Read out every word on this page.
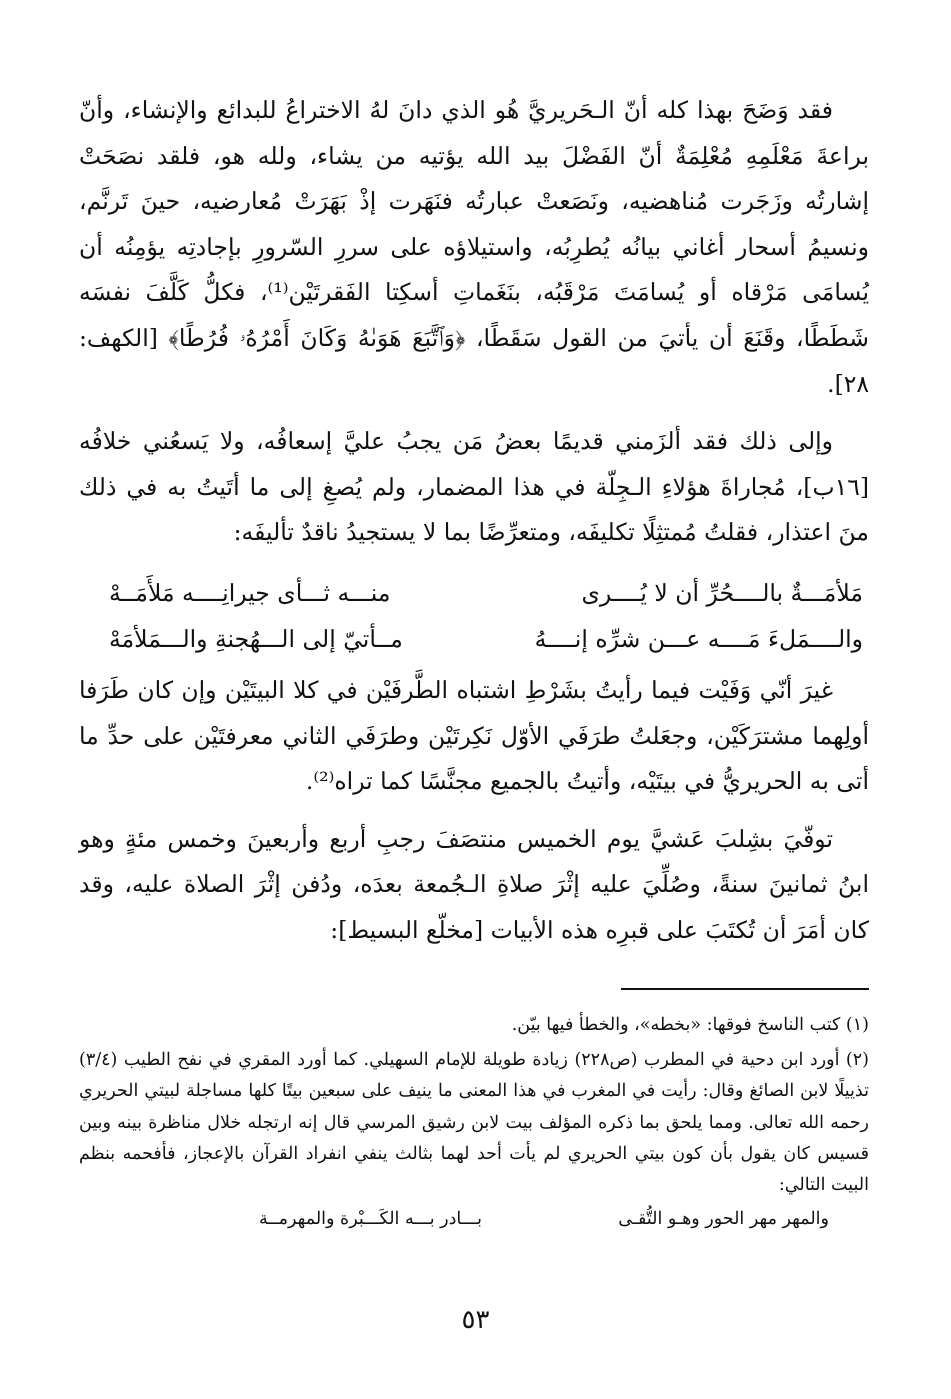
فقد وَضَحَ بهذا كله أنّ الـحَريريَّ هُو الذي دانَ لهُ الاختراعُ للبدائع والإنشاء، وأنّ براعةَ مَعْلَمِهِ مُعْلِمَةٌ أنّ الفَضْلَ بيد الله يؤتيه من يشاء، ولله هو، فلقد نصَحَتْ إشارتُه وزَجَرت مُناهضيه، ونَصَعتْ عبارتُه فنَهَرت إذْ بَهَرَتْ مُعارضيه، حينَ تَرنَّم، ونسيمُ أسحار أغاني بيانُه يُطرِبُه، واستيلاؤه على سررِ السّرورِ بإجادتِه يؤمِنُه أن يُسامَى مَرْقاه أو يُسامَتَ مَرْقَبُه، بنَغَماتِ أسكِتا الفَقرتَيْن⁽¹⁾، فكلُّ كَلَّفَ نفسَه شَطَطًا، وقَنَعَ أن يأتيَ من القول سَقَطًا، ﴿وَٱتَّبَعَ هَوَىٰهُ وَكَانَ أَمْرُهُۥ فُرُطًا﴾ [الكهف: ٢٨].

وإلى ذلك فقد ألزَمني قديمًا بعضُ مَن يجبُ عليَّ إسعافُه، ولا يَسعُني خلافُه [١٦ب]، مُجاراةَ هؤلاءِ الـجِلّة في هذا المضمار، ولم يُصغِ إلى ما أتَيتُ به في ذلك منَ اعتذار، فقلتُ مُمتثِلًا تكليفَه، ومتعرِّضًا بما لا يستجيدُ ناقدٌ تأليفَه:

مَلأمَـــةٌ بالــــحُرِّ أن لا يُــــرى
منـــه ثـــأى جيرانِــــه مَلأَمَــهْ
والــــمَلءَ مَــــه عـــن شرِّه إنــــهُ
مــأتيّ إلى الـــهُجنةِ والـــمَلأمَهْ

غيرَ أنّي وَفَيْت فيما رأيتُ بشَرْطِ اشتباه الطَّرفَيْن في كلا البيتَيْن وإن كان طَرَفا أولِهما مشترَكَيْن، وجعَلتُ طرَفَي الأوّل نَكِرتَيْن وطرَفَي الثاني معرفتَيْن على حدِّ ما أتى به الحريريُّ في بيتَيْه، وأتيتُ بالجميع مجنَّسًا كما تراه⁽²⁾.

توفّيَ بشِلبَ عَشيَّ يوم الخميس منتصَفَ رجبِ أربع وأربعينَ وخمس مئةٍ وهو ابنُ ثمانينَ سنةً، وصُلِّيَ عليه إثْرَ صلاةِ الـجُمعة بعدَه، ودُفن إثْرَ الصلاة عليه، وقد كان أمَرَ أن تُكتَبَ على قبرِه هذه الأبيات [مخلّع البسيط]:

(١) كتب الناسخ فوقها: «بخطه»، والخطأ فيها بيّن.

(٢) أورد ابن دحية في المطرب (ص٢٢٨) زيادة طويلة للإمام السهيلي. كما أورد المقري في نفح الطيب (٣/٤) تذييلًا لابن الصائغ وقال: رأيت في المغرب في هذا المعنى ما ينيف على سبعين بيتًا كلها مساجلة لبيتي الحريري رحمه الله تعالى. ومما يلحق بما ذكره المؤلف بيت لابن رشيق المرسي قال إنه ارتجله خلال مناظرة بينه وبين قسيس كان يقول بأن كون بيتي الحريري لم يأت أحد لهما بثالث ينفي انفراد القرآن بالإعجاز، فأفحمه بنظم البيت التالي:

والمهر مهر الحور وهـو التُّقـى
بـــادر بـــه الكَـــبْرة والمهرمــة
٥٣
